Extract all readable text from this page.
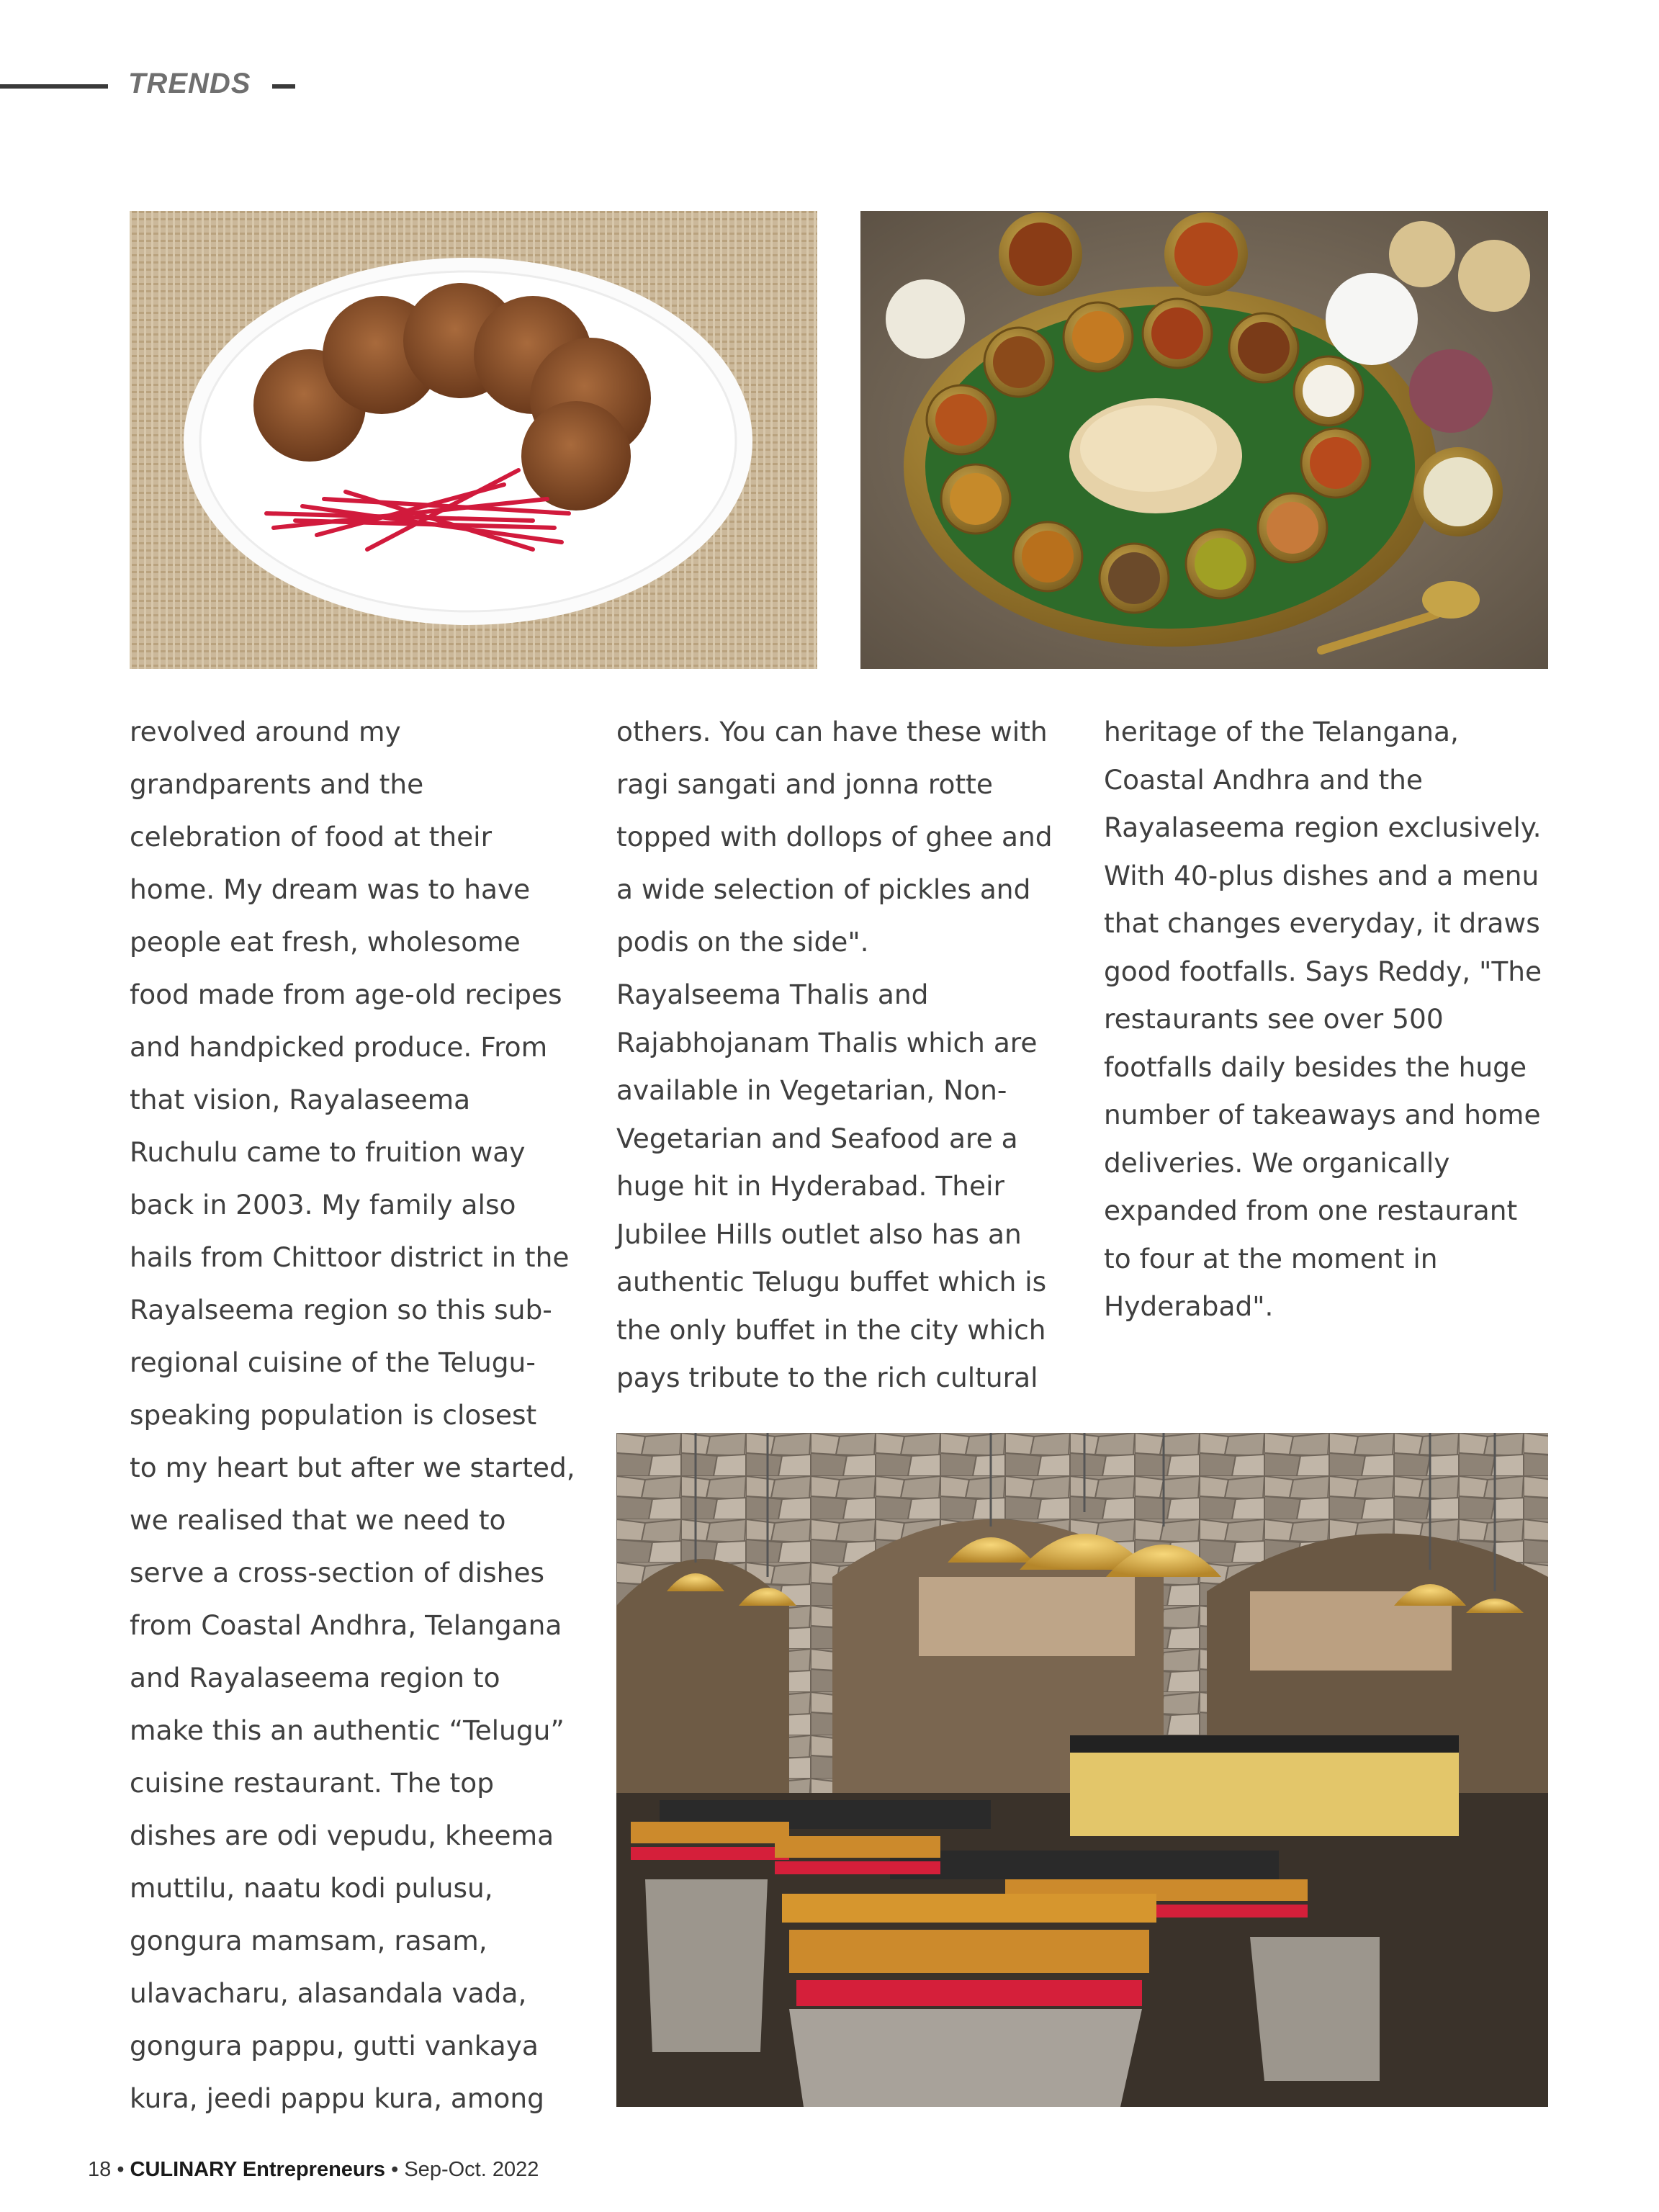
TRENDS

revolved around my

grandparents and the

celebration of food at their

home. My dream was to have

people eat fresh, wholesome

food made from age-old recipes

and handpicked produce. From

that vision, Rayalaseema

Ruchulu came to fruition way

back in 2003. My family also

hails from Chittoor district in the

Rayalseema region so this sub-

regional cuisine of the Telugu-

speaking population is closest

to my heart but after we started,

we realised that we need to

serve a cross-section of dishes

from Coastal Andhra, Telangana

and Rayalaseema region to

make this an authentic “Telugu”

cuisine restaurant. The top

dishes are odi vepudu, kheema

muttilu, naatu kodi pulusu,

gongura mamsam, rasam,

ulavacharu, alasandala vada,

gongura pappu, gutti vankaya

kura, jeedi pappu kura, among

others. You can have these with

ragi sangati and jonna rotte

topped with dollops of ghee and

a wide selection of pickles and

podis on the side".

Rayalseema Thalis and

Rajabhojanam Thalis which are

available in Vegetarian, Non-

Vegetarian and Seafood are a

huge hit in Hyderabad. Their

Jubilee Hills outlet also has an

authentic Telugu buffet which is

the only buffet in the city which

pays tribute to the rich cultural

heritage of the Telangana,

Coastal Andhra and the

Rayalaseema region exclusively.

With 40-plus dishes and a menu

that changes everyday, it draws

good footfalls. Says Reddy, "The

restaurants see over 500

footfalls daily besides the huge

number of takeaways and home

deliveries. We organically

expanded from one restaurant

to four at the moment in

Hyderabad".

18 • CULINARY Entrepreneurs • Sep-Oct. 2022
